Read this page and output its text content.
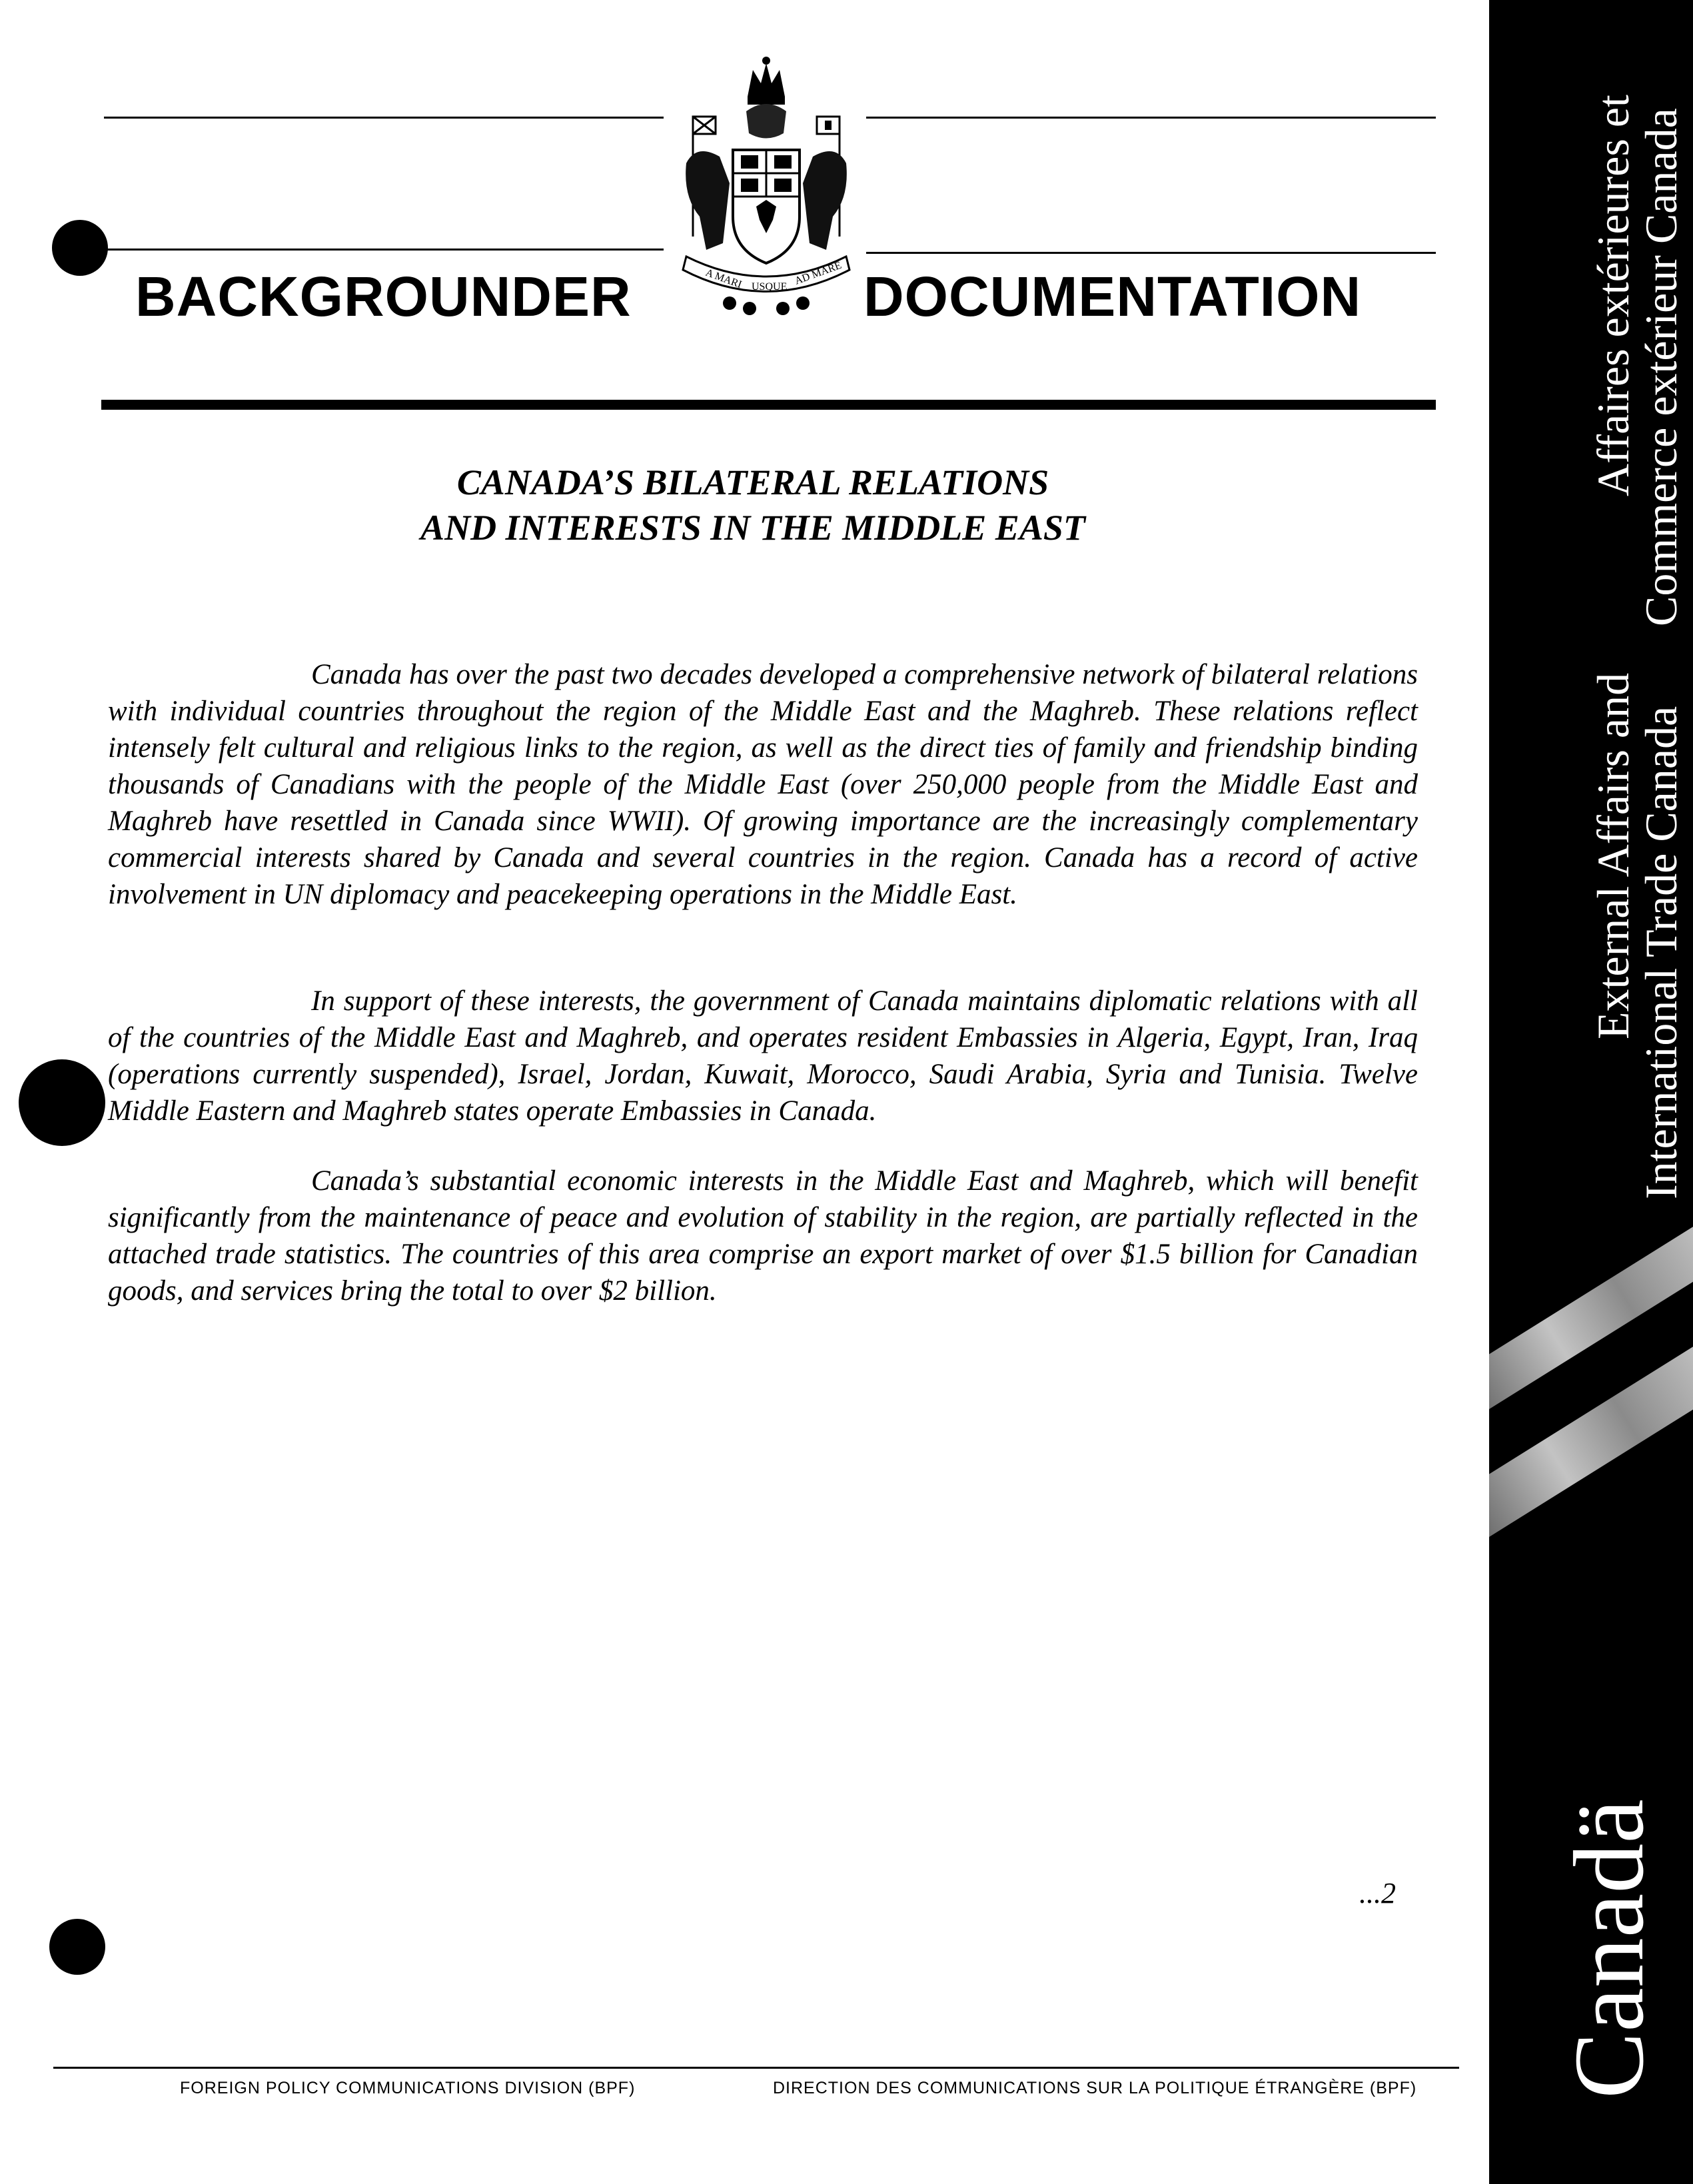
BACKGROUNDER	DOCUMENTATION
A MARI USQUE AD MARE
CANADA’S BILATERAL RELATIONS
AND INTERESTS IN THE MIDDLE EAST

Canada has over the past two decades developed a comprehensive network of bilateral relations with individual countries throughout the region of the Middle East and the Maghreb. These relations reflect intensely felt cultural and religious links to the region, as well as the direct ties of family and friendship binding thousands of Canadians with the people of the Middle East (over 250,000 people from the Middle East and Maghreb have resettled in Canada since WWII). Of growing importance are the increasingly complementary commercial interests shared by Canada and several countries in the region. Canada has a record of active involvement in UN diplomacy and peacekeeping operations in the Middle East.

In support of these interests, the government of Canada maintains diplomatic relations with all of the countries of the Middle East and Maghreb, and operates resident Embassies in Algeria, Egypt, Iran, Iraq (operations currently suspended), Israel, Jordan, Kuwait, Morocco, Saudi Arabia, Syria and Tunisia. Twelve Middle Eastern and Maghreb states operate Embassies in Canada.

Canada’s substantial economic interests in the Middle East and Maghreb, which will benefit significantly from the maintenance of peace and evolution of stability in the region, are partially reflected in the attached trade statistics. The countries of this area comprise an export market of over $1.5 billion for Canadian goods, and services bring the total to over $2 billion.

...2
FOREIGN POLICY COMMUNICATIONS DIVISION (BPF)	DIRECTION DES COMMUNICATIONS SUR LA POLITIQUE ÉTRANGÈRE (BPF)
Affaires extérieures et
Commerce extérieur Canada
External Affairs and
International Trade Canada
Canadä
